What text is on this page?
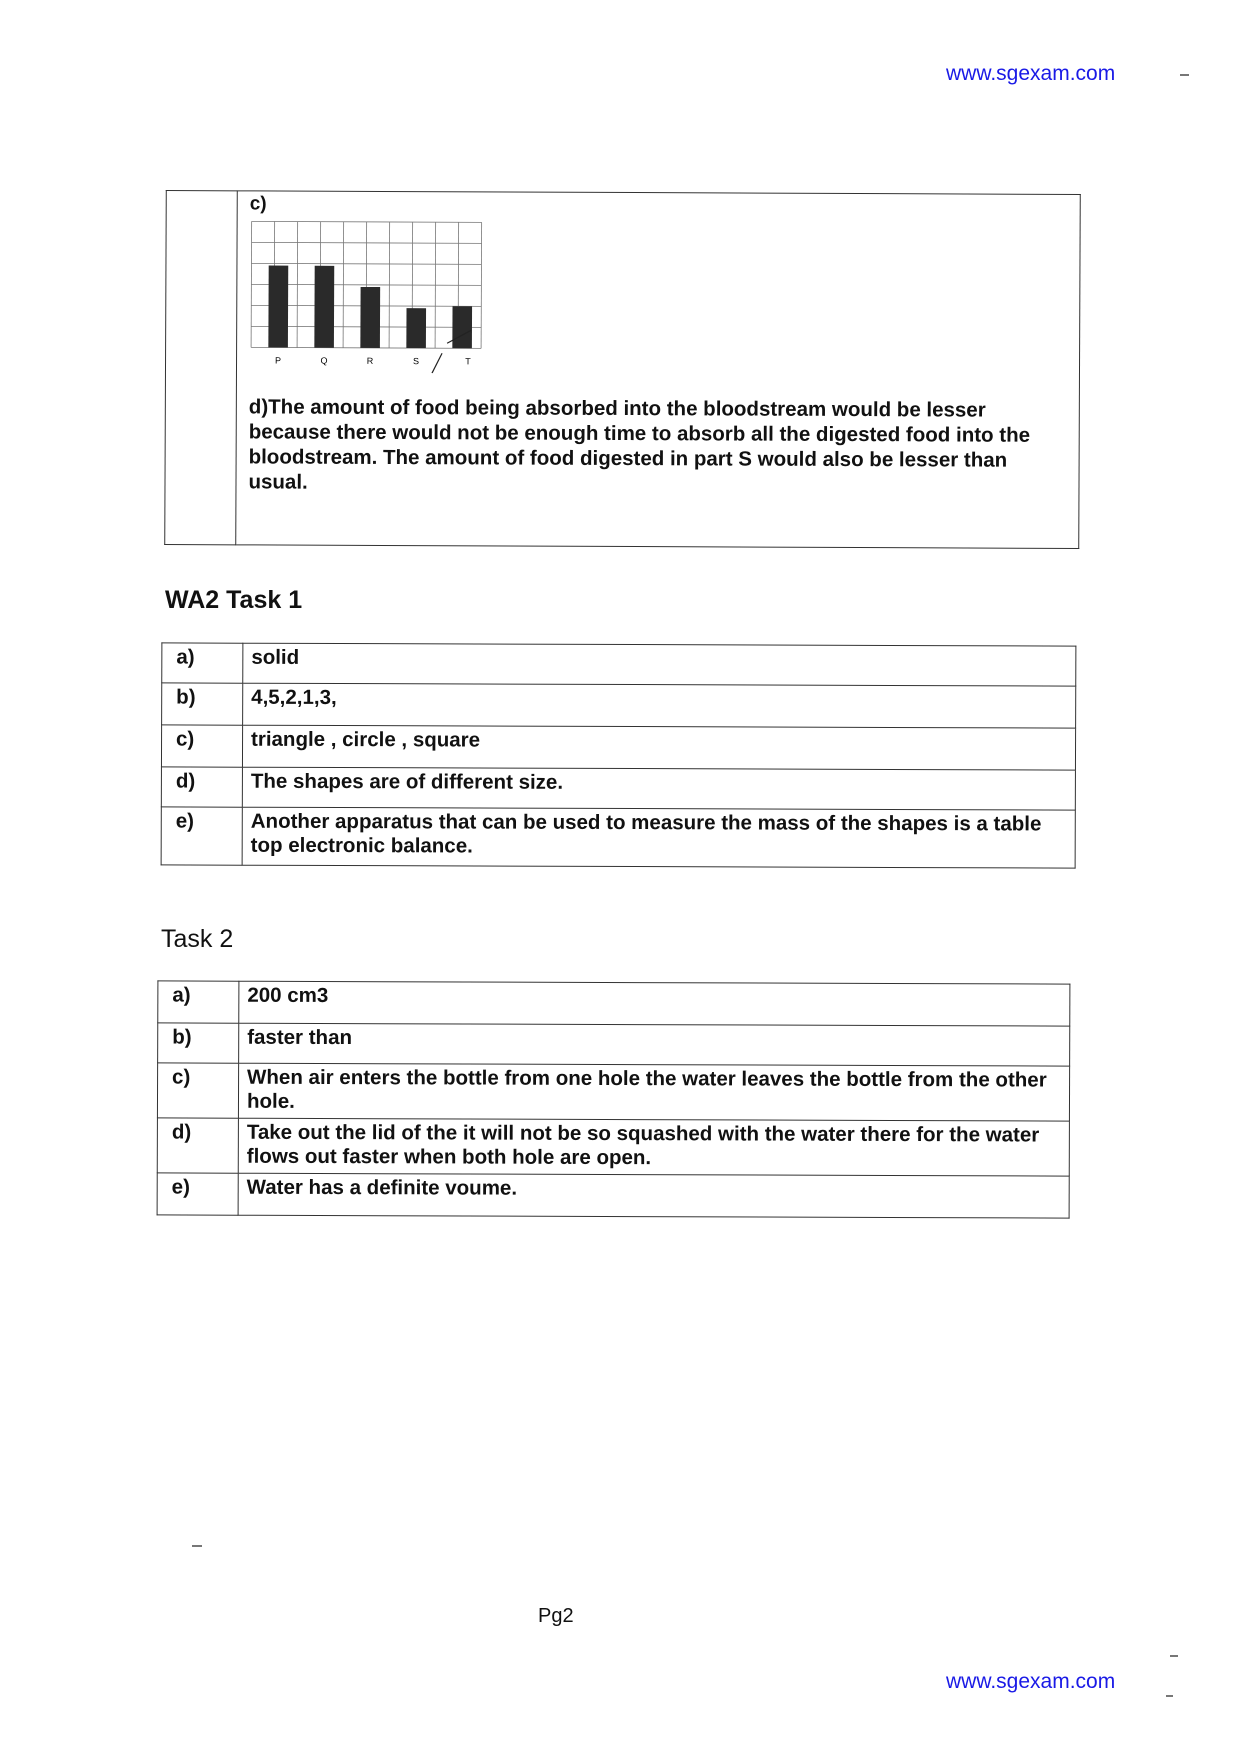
www.sgexam.com

c)
P	Q	R	S	T

d)The amount of food being absorbed into the bloodstream would be lesser because there would not be enough time to absorb all the digested food into the bloodstream. The amount of food digested in part S would also be lesser than usual.

WA2 Task 1
a)	solid
b)	4,5,2,1,3,
c)	triangle , circle , square
d)	The shapes are of different size.
e)	Another apparatus that can be used to measure the mass of the shapes is a table top electronic balance.
Task 2
a)	200 cm3
b)	faster than
c)	When air enters the bottle from one hole the water leaves the bottle from the other hole.
d)	Take out the lid of the it will not be so squashed with the water there for the water flows out faster when both hole are open.
e)	Water has a definite voume.
Pg2
www.sgexam.com
